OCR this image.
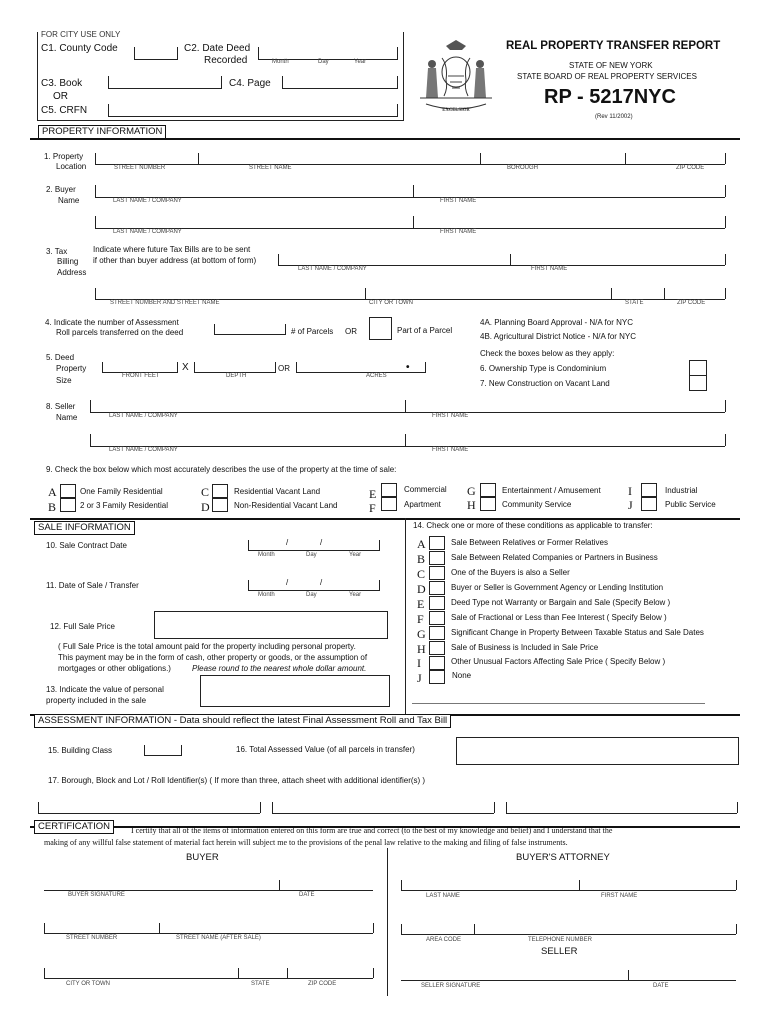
FOR CITY USE ONLY
C1. County Code	C2. Date Deed
Recorded	Month	Day	Year
C3. Book	C4. Page
OR
C5. CRFN	EXCELSIOR
REAL PROPERTY TRANSFER REPORT
STATE OF NEW YORK
STATE BOARD OF REAL PROPERTY SERVICES
RP - 5217NYC
(Rev 11/2002)
PROPERTY INFORMATION
1. Property
Location	STREET NUMBER	STREET NAME	BOROUGH	ZIP CODE
2. Buyer
Name	LAST NAME / COMPANY	FIRST NAME
LAST NAME / COMPANY	FIRST NAME
3. Tax
Billing
Address
Indicate where future Tax Bills are to be sent
if other than buyer address (at bottom of form)
LAST NAME / COMPANY	FIRST NAME
STREET NUMBER AND STREET NAME	CITY OR TOWN	STATE	ZIP CODE
4. Indicate the number of Assessment
Roll parcels transferred on the deed	# of Parcels OR	Part of a Parcel
4A. Planning Board Approval - N/A for NYC
4B. Agricultural District Notice - N/A for NYC
Check the boxes below as they apply:
6. Ownership Type is Condominium
7. New Construction on Vacant Land
5. Deed
Property
Size
X	OR	•
FRONT FEET	DEPTH	ACRES
8. Seller
Name	LAST NAME / COMPANY	FIRST NAME
LAST NAME / COMPANY	FIRST NAME
9. Check the box below which most accurately describes the use of the property at the time of sale:
A	One Family Residential
B	2 or 3 Family Residential
C	Residential Vacant Land
D	Non-Residential Vacant Land
E	Commercial
F	Apartment
G	Entertainment / Amusement
H	Community Service
I	Industrial
J	Public Service
SALE INFORMATION
10. Sale Contract Date	/	/
Month	Day	Year
11. Date of Sale / Transfer	/	/
Month	Day	Year
12. Full Sale Price
( Full Sale Price is the total amount paid for the property including personal property.
This payment may be in the form of cash, other property or goods, or the assumption of
mortgages or other obligations.)	Please round to the nearest whole dollar amount.
13. Indicate the value of personal
property included in the sale
14. Check one or more of these conditions as applicable to transfer:
A	Sale Between Relatives or Former Relatives
B	Sale Between Related Companies or Partners in Business
C	One of the Buyers is also a Seller
D	Buyer or Seller is Government Agency or Lending Institution
E	Deed Type not Warranty or Bargain and Sale (Specify Below )
F	Sale of Fractional or Less than Fee Interest ( Specify Below )
G	Significant Change in Property Between Taxable Status and Sale Dates
H	Sale of Business is Included in Sale Price
I	Other Unusual Factors Affecting Sale Price ( Specify Below )
J	None
ASSESSMENT INFORMATION - Data should reflect the latest Final Assessment Roll and Tax Bill
15. Building Class	16. Total Assessed Value (of all parcels in transfer)
17. Borough, Block and Lot / Roll Identifier(s) ( If more than three, attach sheet with additional identifier(s) )
CERTIFICATION	I certify that all of the items of information entered on this form are true and correct (to the best of my knowledge and belief) and I understand that the
making of any willful false statement of material fact herein will subject me to the provisions of the penal law relative to the making and filing of false instruments.
BUYER	BUYER'S ATTORNEY
BUYER SIGNATURE	DATE	LAST NAME	FIRST NAME
STREET NUMBER	STREET NAME (AFTER SALE)	AREA CODE	TELEPHONE NUMBER
SELLER
CITY OR TOWN	STATE	ZIP CODE	SELLER SIGNATURE	DATE
